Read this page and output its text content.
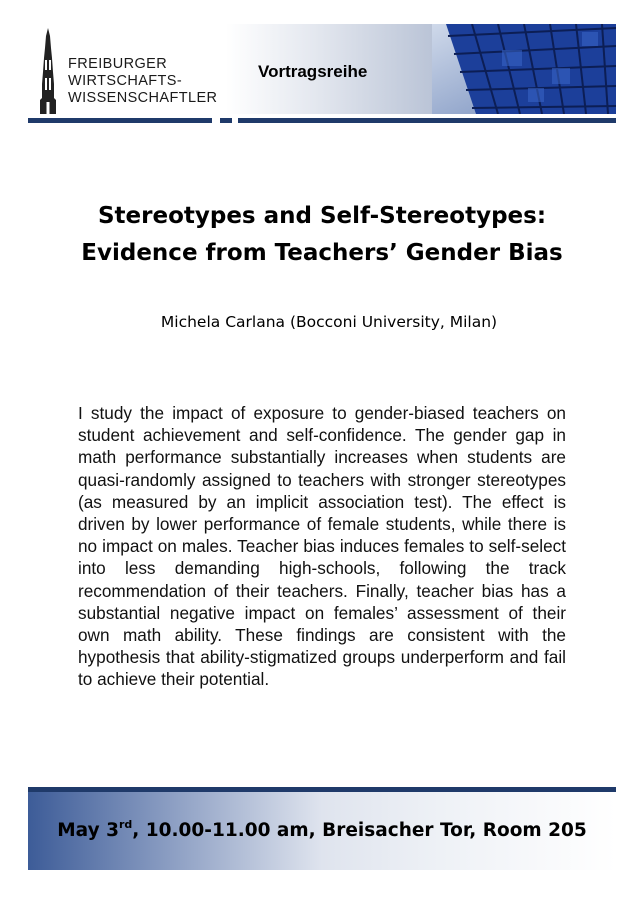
FREIBURGER
WIRTSCHAFTS-
WISSENSCHAFTLER
Vortragsreihe
Stereotypes and Self-Stereotypes:
Evidence from Teachers’ Gender Bias
Michela Carlana (Bocconi University, Milan)
I study the impact of exposure to gender-biased teachers on student achievement and self-confidence. The gender gap in math performance substantially increases when students are quasi-randomly assigned to teachers with stronger stereotypes (as measured by an implicit association test). The effect is driven by lower performance of female students, while there is no impact on males. Teacher bias induces females to self-select into less demanding high-schools, following the track recommendation of their teachers. Finally, teacher bias has a substantial negative impact on females’ assessment of their own math ability. These findings are consistent with the hypothesis that ability-stigmatized groups underperform and fail to achieve their potential.
May 3rd, 10.00-11.00 am, Breisacher Tor, Room 205
